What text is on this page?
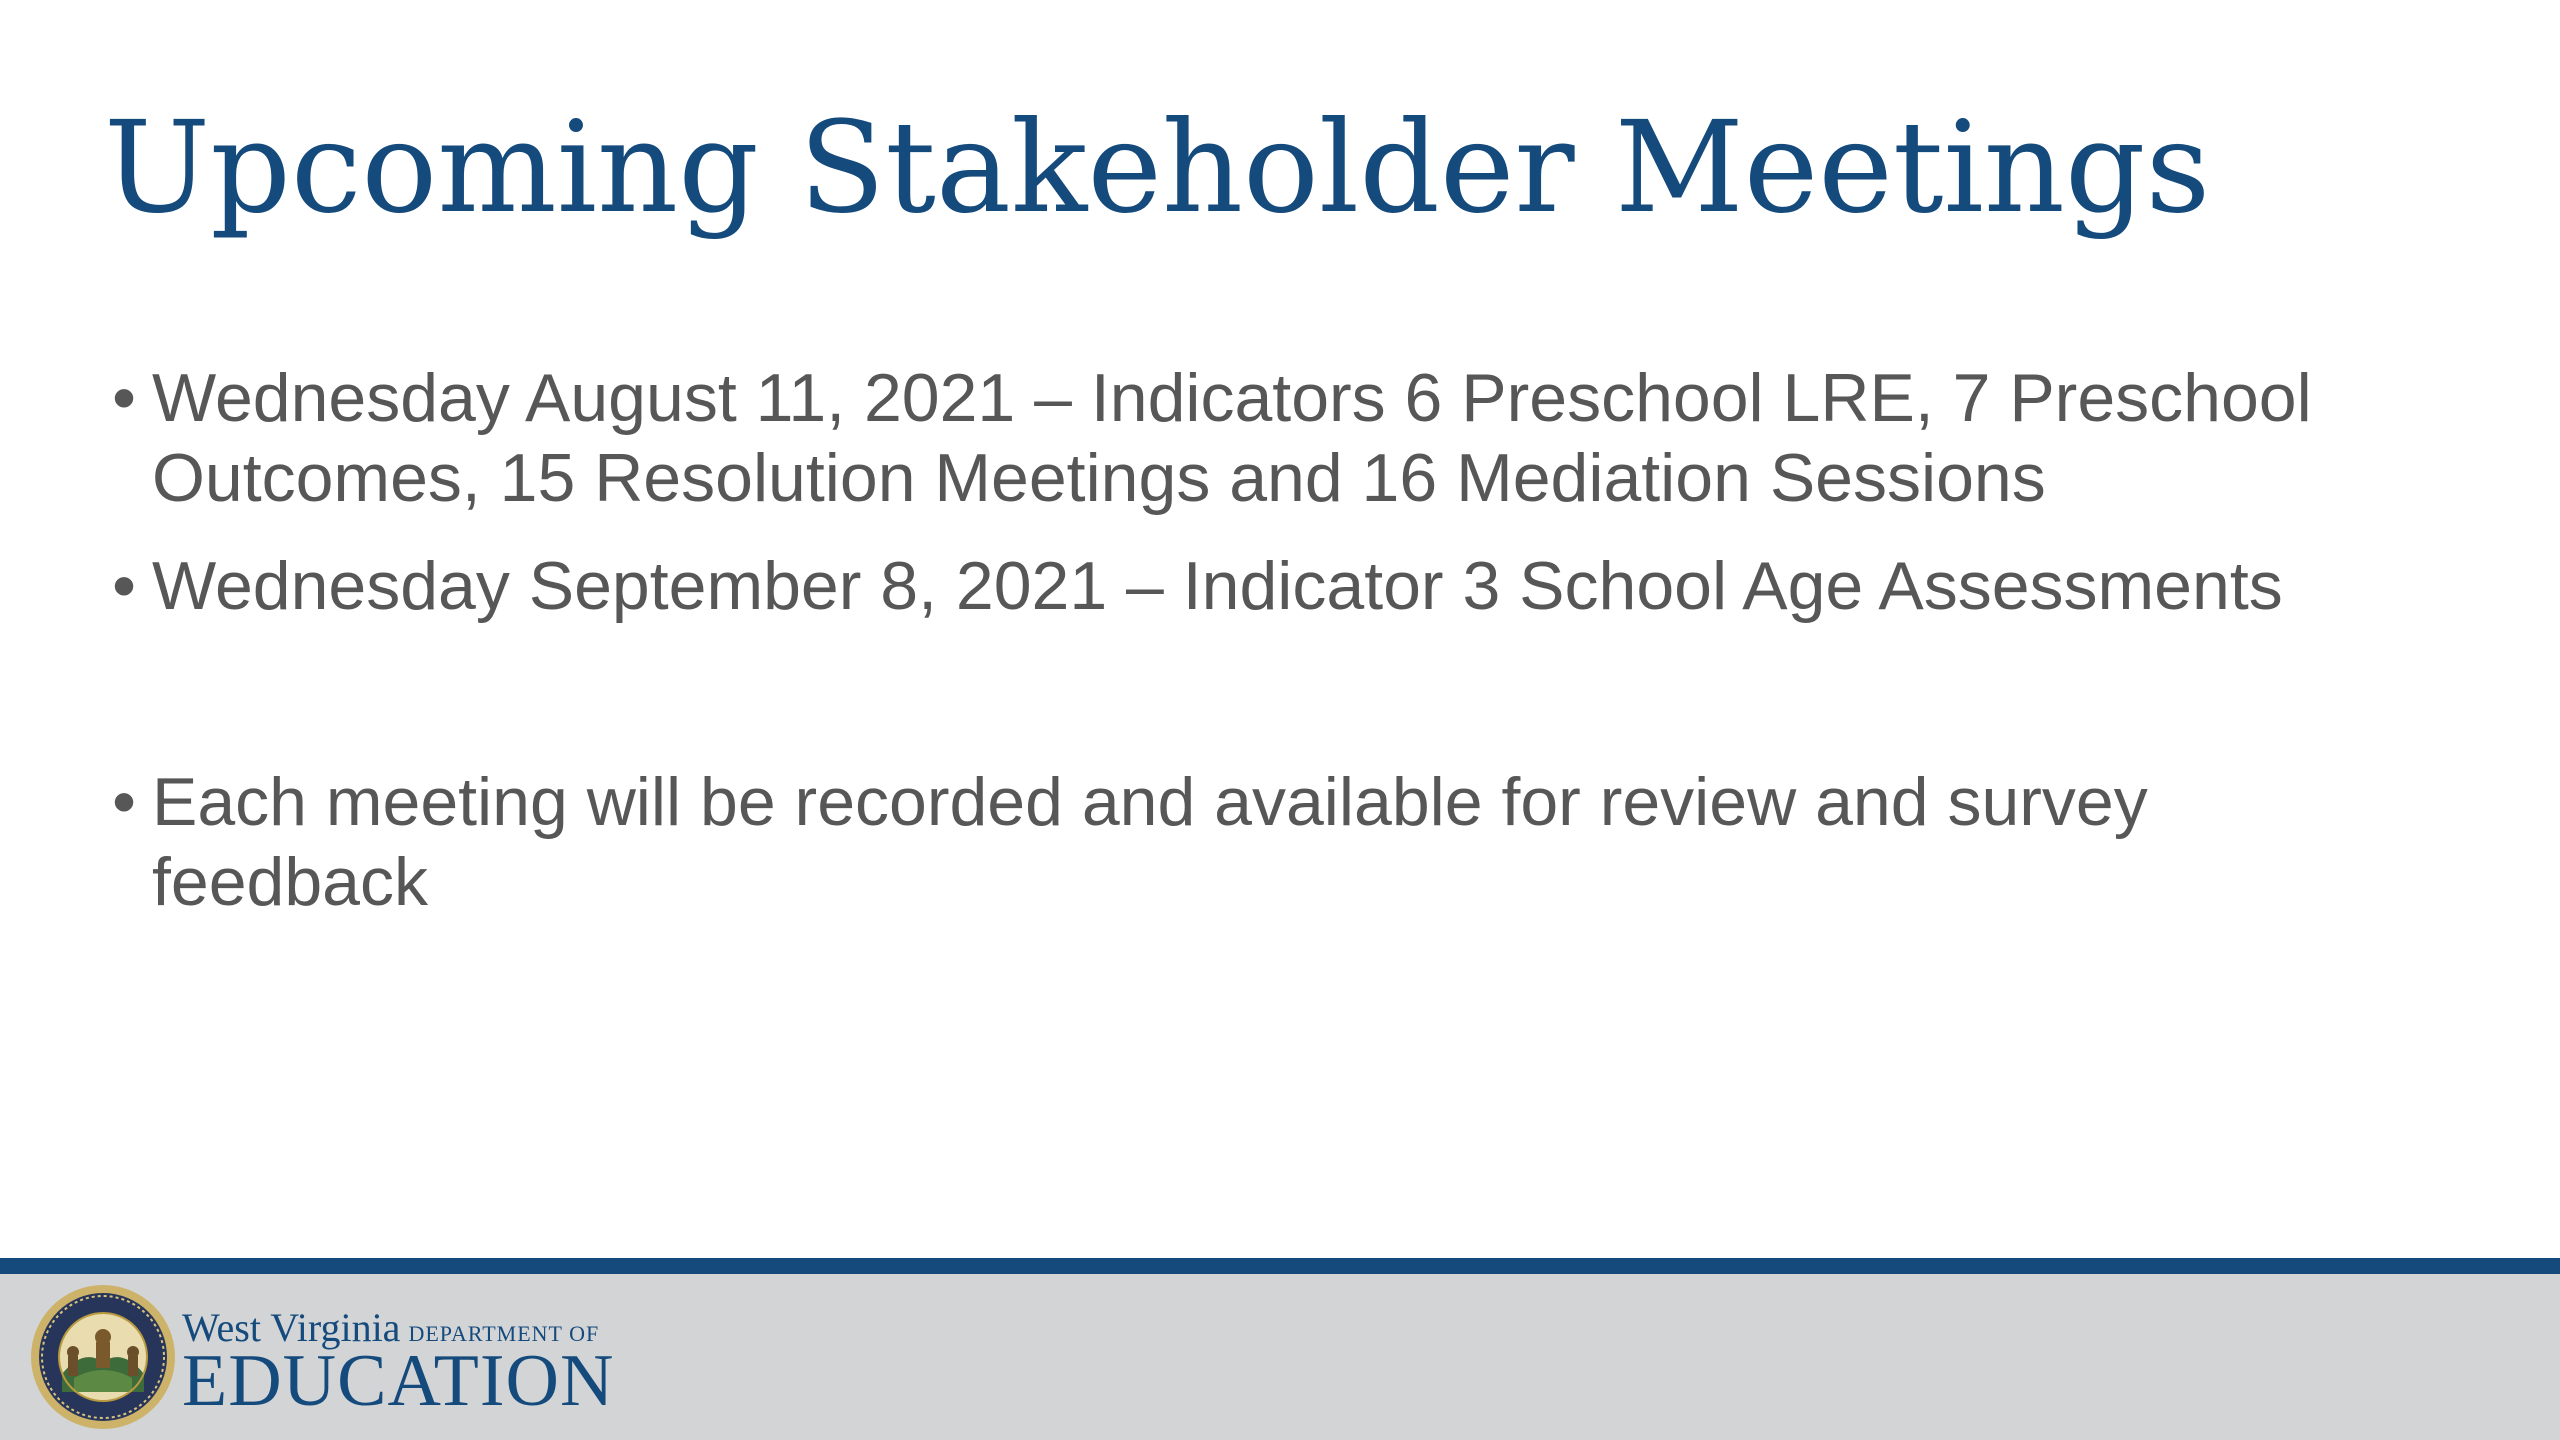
Upcoming Stakeholder Meetings
• Wednesday August 11, 2021 – Indicators 6 Preschool LRE, 7 Preschool Outcomes, 15 Resolution Meetings and 16 Mediation Sessions
• Wednesday September 8, 2021 – Indicator 3 School Age Assessments
• Each meeting will be recorded and available for review and survey feedback
West Virginia DEPARTMENT OF
EDUCATION
